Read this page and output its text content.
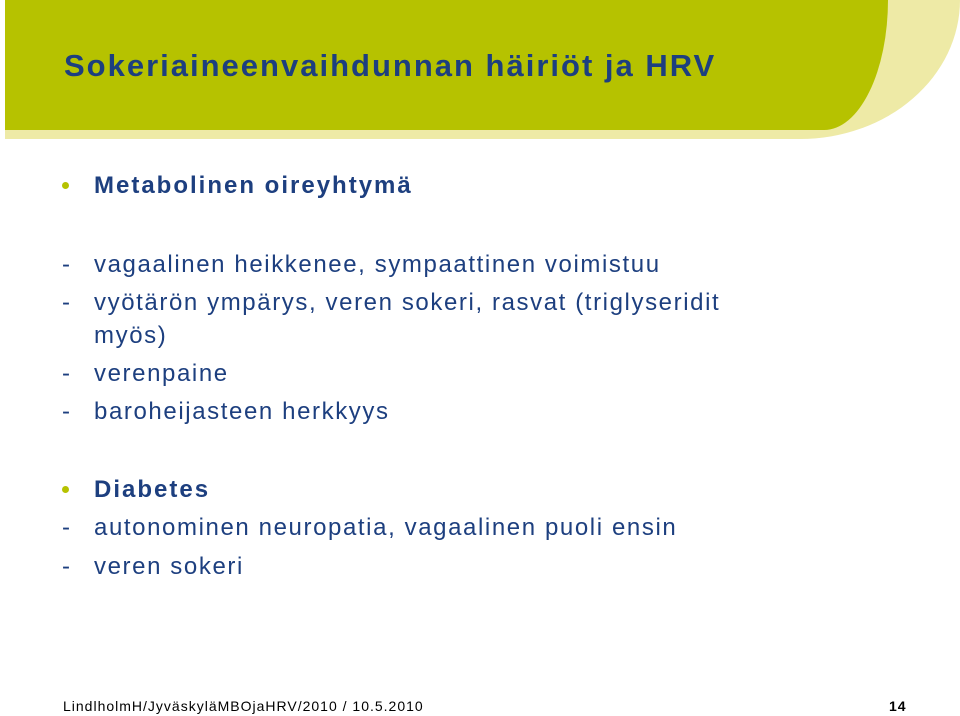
Sokeriaineenvaihdunnan häiriöt ja HRV
Metabolinen oireyhtymä
- vagaalinen heikkenee, sympaattinen voimistuu
- vyötärön ympärys, veren sokeri, rasvat (triglyseridit
myös)
- verenpaine
- baroheijasteen herkkyys
Diabetes
- autonominen neuropatia, vagaalinen puoli ensin
- veren sokeri
LindlholmH/JyväskyläMBOjaHRV/2010 / 10.5.2010	14
